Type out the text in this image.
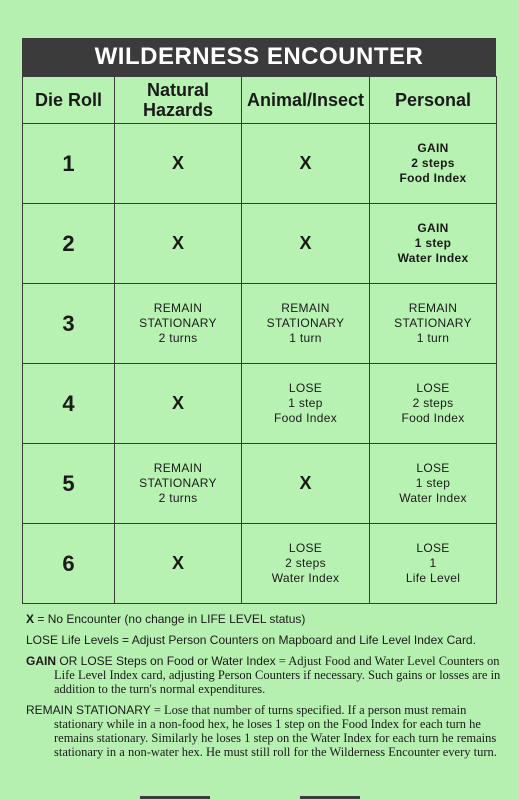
WILDERNESS ENCOUNTER
Die Roll	Natural
Hazards	Animal/Insect	Personal
1	X	X	GAIN
2 steps
Food Index

2	X	X	GAIN
1 step
Water Index

3	REMAIN
STATIONARY
2 turns	REMAIN
STATIONARY
1 turn	REMAIN
STATIONARY
1 turn

4	X	LOSE
1 step
Food Index	LOSE
2 steps
Food Index

5	REMAIN
STATIONARY
2 turns	X	LOSE
1 step
Water Index

6	X	LOSE
2 steps
Water Index	LOSE
1
Life Level

X = No Encounter (no change in LIFE LEVEL status)

LOSE Life Levels = Adjust Person Counters on Mapboard and Life Level Index Card.

GAIN OR LOSE Steps on Food or Water Index = Adjust Food and Water Level Counters on Life Level Index card, adjusting Person Counters if necessary. Such gains or losses are in addition to the turn's normal expenditures.

REMAIN STATIONARY = Lose that number of turns specified. If a person must remain stationary while in a non-food hex, he loses 1 step on the Food Index for each turn he remains stationary. Similarly he loses 1 step on the Water Index for each turn he remains stationary in a non-water hex. He must still roll for the Wilderness Encounter every turn.
